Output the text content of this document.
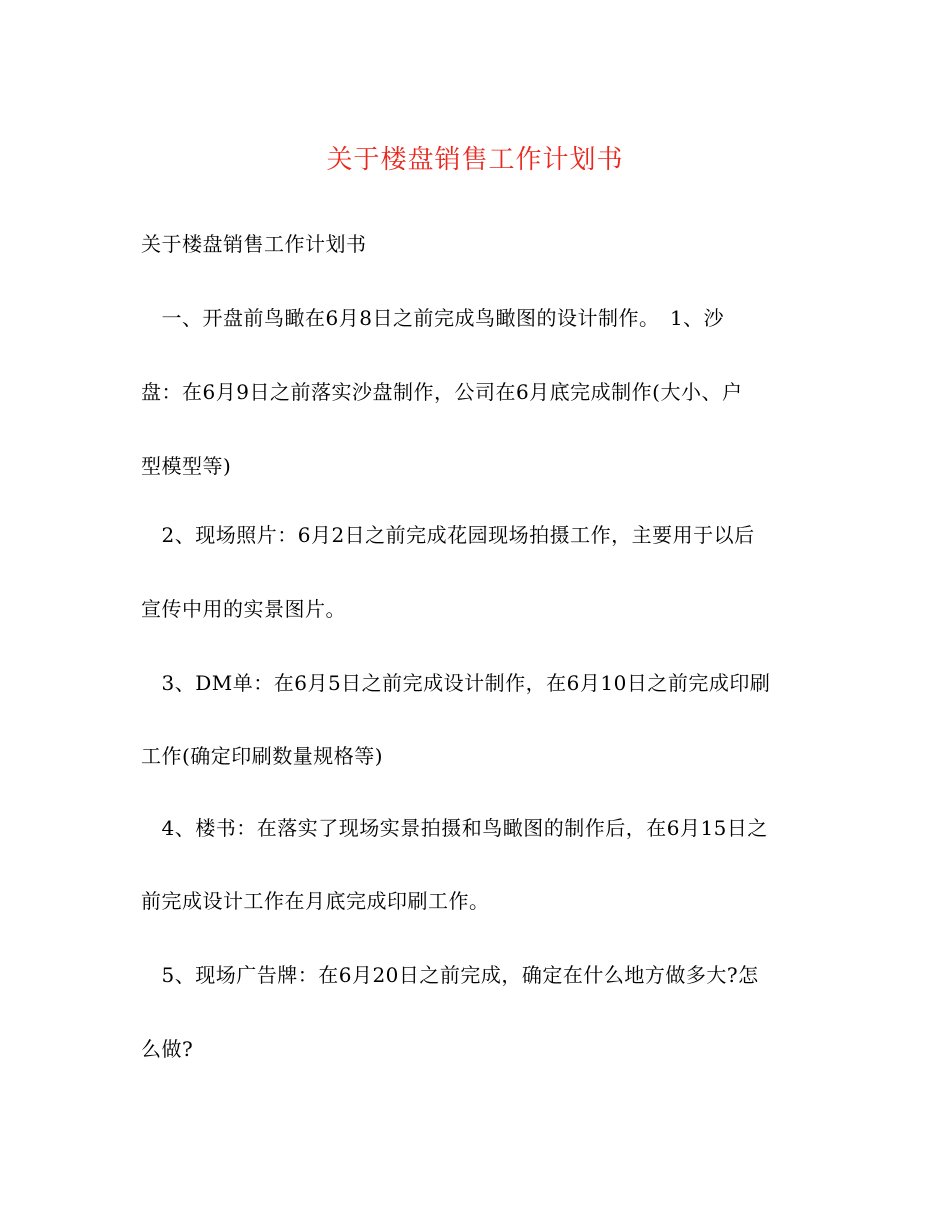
关于楼盘销售工作计划书
关于楼盘销售工作计划书
　一、开盘前鸟瞰在6月8日之前完成鸟瞰图的设计制作。　1、沙
盘：在6月9日之前落实沙盘制作，公司在6月底完成制作(大小、户
型模型等)
　2、现场照片：6月2日之前完成花园现场拍摄工作，主要用于以后
宣传中用的实景图片。
　3、DM单：在6月5日之前完成设计制作，在6月10日之前完成印刷
工作(确定印刷数量规格等)
　4、楼书：在落实了现场实景拍摄和鸟瞰图的制作后，在6月15日之
前完成设计工作在月底完成印刷工作。
　5、现场广告牌：在6月20日之前完成，确定在什么地方做多大?怎
么做?
